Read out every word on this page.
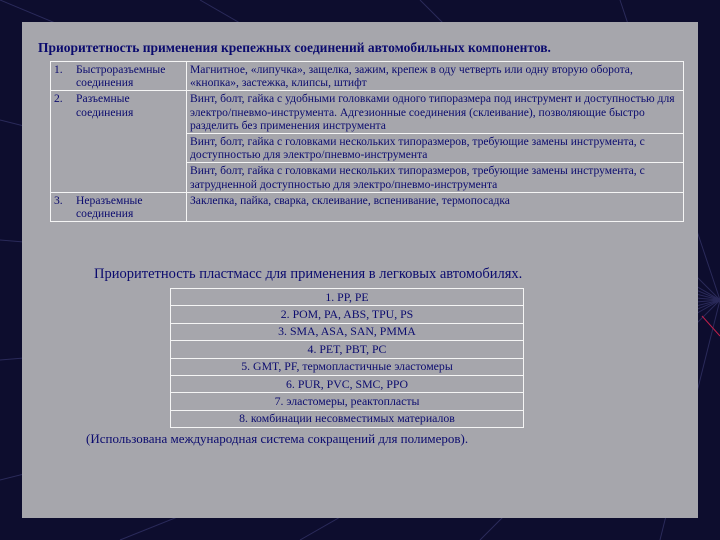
Приоритетность применения крепежных соединений автомобильных компонентов.
1. Быстроразъемные соединения	Магнитное, «липучка», защелка, зажим, крепеж в оду четверть или одну вторую оборота, «кнопка», застежка, клипсы, штифт
2. Разъемные соединения	Винт, болт, гайка с удобными головками одного типоразмера под инструмент и доступностью для электро/пневмо-инструмента. Адгезионные соединения (склеивание), позволяющие быстро разделить без применения инструмента
	Винт, болт, гайка с головками нескольких типоразмеров, требующие замены инструмента, с доступностью для электро/пневмо-инструмента
	Винт, болт, гайка с головками нескольких типоразмеров, требующие замены инструмента, с затрудненной доступностью для электро/пневмо-инструмента
3. Неразъемные соединения	Заклепка, пайка, сварка, склеивание, вспенивание, термопосадка
Приоритетность пластмасс для применения в легковых автомобилях.
1. PP, PE
2. POM, PA, ABS, TPU, PS
3. SMA, ASA, SAN, PMMA
4. PET, PBT, PC
5. GMT, PF, термопластичные эластомеры
6. PUR, PVC, SMC, PPO
7. эластомеры, реактопласты
8. комбинации несовместимых материалов
(Использована международная система сокращений для полимеров).
